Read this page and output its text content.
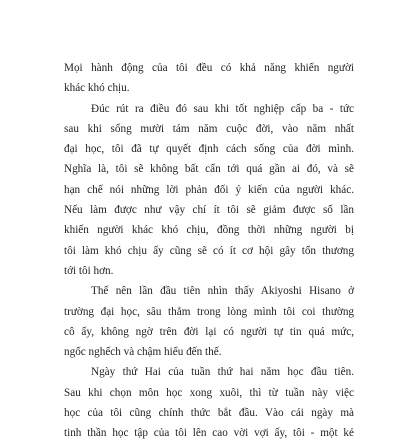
Mọi hành động của tôi đều có khả năng khiến người
khác khó chịu.
Đúc rút ra điều đó sau khi tốt nghiệp cấp ba - tức
sau khi sống mười tám năm cuộc đời, vào năm nhất
đại học, tôi đã tự quyết định cách sống của đời mình.
Nghĩa là, tôi sẽ không bất cẩn tới quá gần ai đó, và sẽ
hạn chế nói những lời phản đối ý kiến của người khác.
Nếu làm được như vậy chí ít tôi sẽ giảm được số lần
khiến người khác khó chịu, đồng thời những người bị
tôi làm khó chịu ấy cũng sẽ có ít cơ hội gây tổn thương
tới tôi hơn.
Thế nên lần đầu tiên nhìn thấy Akiyoshi Hisano ở
trường đại học, sâu thẳm trong lòng mình tôi coi thường
cô ấy, không ngờ trên đời lại có người tự tin quá mức,
ngốc nghếch và chậm hiểu đến thế.
Ngày thứ Hai của tuần thứ hai năm học đầu tiên.
Sau khi chọn môn học xong xuôi, thì từ tuần này việc
học của tôi cũng chính thức bắt đầu. Vào cái ngày mà
tinh thần học tập của tôi lên cao vời vợi ấy, tôi - một kẻ
